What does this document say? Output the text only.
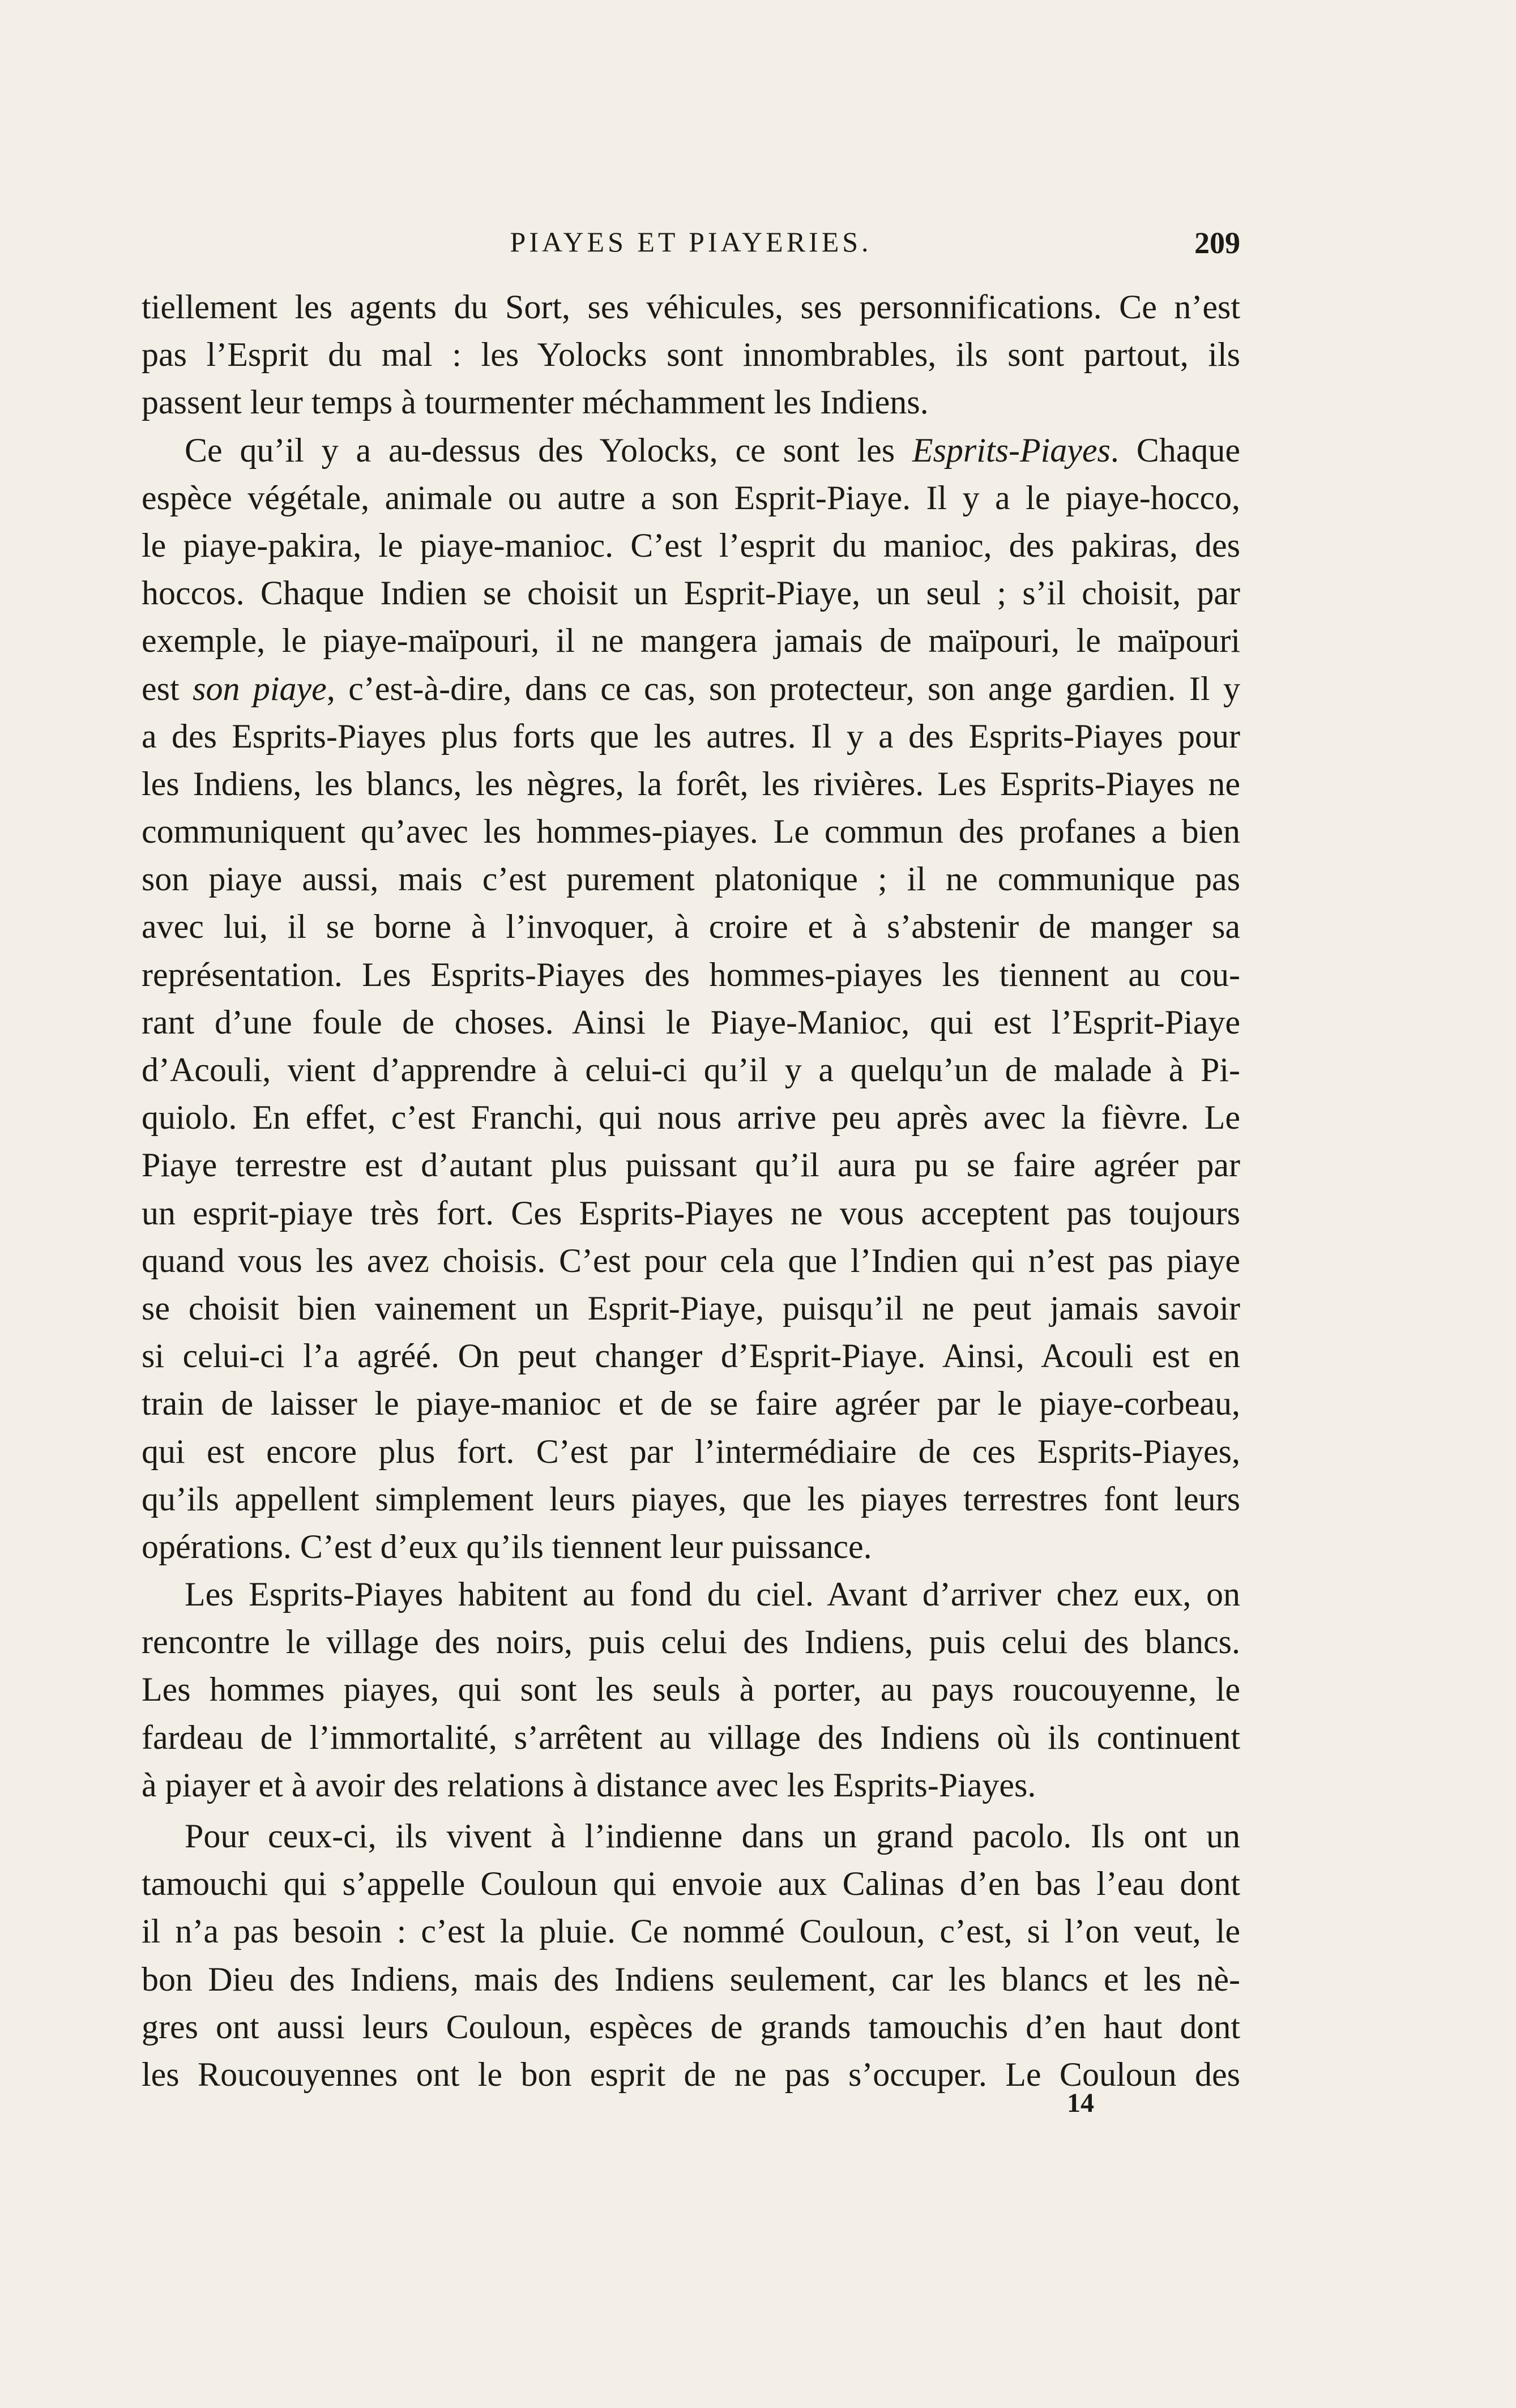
PIAYES ET PIAYERIES.	209
tiellement les agents du Sort, ses véhicules, ses personnifications. Ce n’est
pas l’Esprit du mal : les Yolocks sont innombrables, ils sont partout, ils
passent leur temps à tourmenter méchamment les Indiens.
Ce qu’il y a au-dessus des Yolocks, ce sont les Esprits-Piayes. Chaque
espèce végétale, animale ou autre a son Esprit-Piaye. Il y a le piaye-hocco,
le piaye-pakira, le piaye-manioc. C’est l’esprit du manioc, des pakiras, des
hoccos. Chaque Indien se choisit un Esprit-Piaye, un seul ; s’il choisit, par
exemple, le piaye-maïpouri, il ne mangera jamais de maïpouri, le maïpouri
est son piaye, c’est-à-dire, dans ce cas, son protecteur, son ange gardien. Il y
a des Esprits-Piayes plus forts que les autres. Il y a des Esprits-Piayes pour
les Indiens, les blancs, les nègres, la forêt, les rivières. Les Esprits-Piayes ne
communiquent qu’avec les hommes-piayes. Le commun des profanes a bien
son piaye aussi, mais c’est purement platonique ; il ne communique pas
avec lui, il se borne à l’invoquer, à croire et à s’abstenir de manger sa
représentation. Les Esprits-Piayes des hommes-piayes les tiennent au cou-
rant d’une foule de choses. Ainsi le Piaye-Manioc, qui est l’Esprit-Piaye
d’Acouli, vient d’apprendre à celui-ci qu’il y a quelqu’un de malade à Pi-
quiolo. En effet, c’est Franchi, qui nous arrive peu après avec la fièvre. Le
Piaye terrestre est d’autant plus puissant qu’il aura pu se faire agréer par
un esprit-piaye très fort. Ces Esprits-Piayes ne vous acceptent pas toujours
quand vous les avez choisis. C’est pour cela que l’Indien qui n’est pas piaye
se choisit bien vainement un Esprit-Piaye, puisqu’il ne peut jamais savoir
si celui-ci l’a agréé. On peut changer d’Esprit-Piaye. Ainsi, Acouli est en
train de laisser le piaye-manioc et de se faire agréer par le piaye-corbeau,
qui est encore plus fort. C’est par l’intermédiaire de ces Esprits-Piayes,
qu’ils appellent simplement leurs piayes, que les piayes terrestres font leurs
opérations. C’est d’eux qu’ils tiennent leur puissance.
Les Esprits-Piayes habitent au fond du ciel. Avant d’arriver chez eux, on
rencontre le village des noirs, puis celui des Indiens, puis celui des blancs.
Les hommes piayes, qui sont les seuls à porter, au pays roucouyenne, le
fardeau de l’immortalité, s’arrêtent au village des Indiens où ils continuent
à piayer et à avoir des relations à distance avec les Esprits-Piayes.
Pour ceux-ci, ils vivent à l’indienne dans un grand pacolo. Ils ont un
tamouchi qui s’appelle Couloun qui envoie aux Calinas d’en bas l’eau dont
il n’a pas besoin : c’est la pluie. Ce nommé Couloun, c’est, si l’on veut, le
bon Dieu des Indiens, mais des Indiens seulement, car les blancs et les nè-
gres ont aussi leurs Couloun, espèces de grands tamouchis d’en haut dont
les Roucouyennes ont le bon esprit de ne pas s’occuper. Le Couloun des
14
